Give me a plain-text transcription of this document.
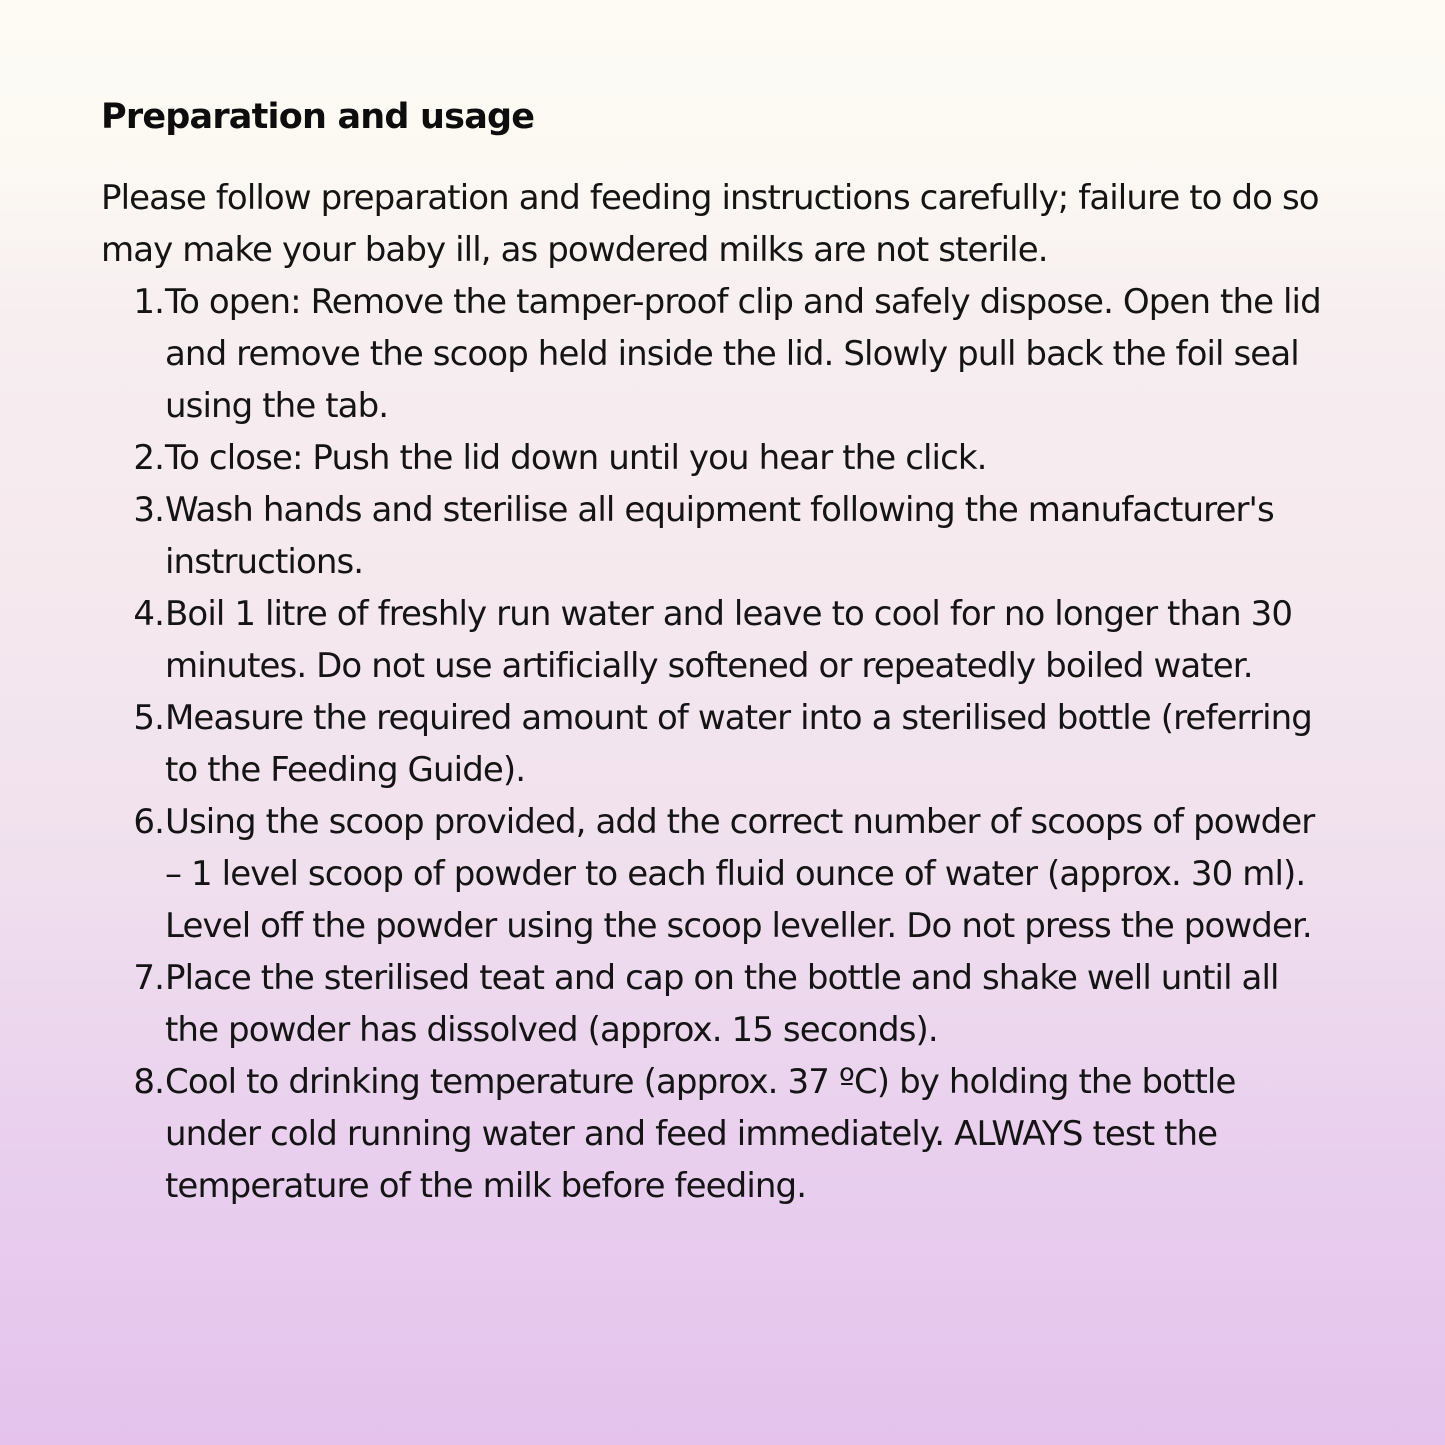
Preparation and usage

Please follow preparation and feeding instructions carefully; failure to do so may make your baby ill, as powdered milks are not sterile.

1. To open: Remove the tamper-proof clip and safely dispose. Open the lid and remove the scoop held inside the lid. Slowly pull back the foil seal using the tab.
2. To close: Push the lid down until you hear the click.
3. Wash hands and sterilise all equipment following the manufacturer's instructions.
4. Boil 1 litre of freshly run water and leave to cool for no longer than 30 minutes. Do not use artificially softened or repeatedly boiled water.
5. Measure the required amount of water into a sterilised bottle (referring to the Feeding Guide).
6. Using the scoop provided, add the correct number of scoops of powder – 1 level scoop of powder to each fluid ounce of water (approx. 30 ml). Level off the powder using the scoop leveller. Do not press the powder.
7. Place the sterilised teat and cap on the bottle and shake well until all the powder has dissolved (approx. 15 seconds).
8. Cool to drinking temperature (approx. 37 ºC) by holding the bottle under cold running water and feed immediately. ALWAYS test the temperature of the milk before feeding.
